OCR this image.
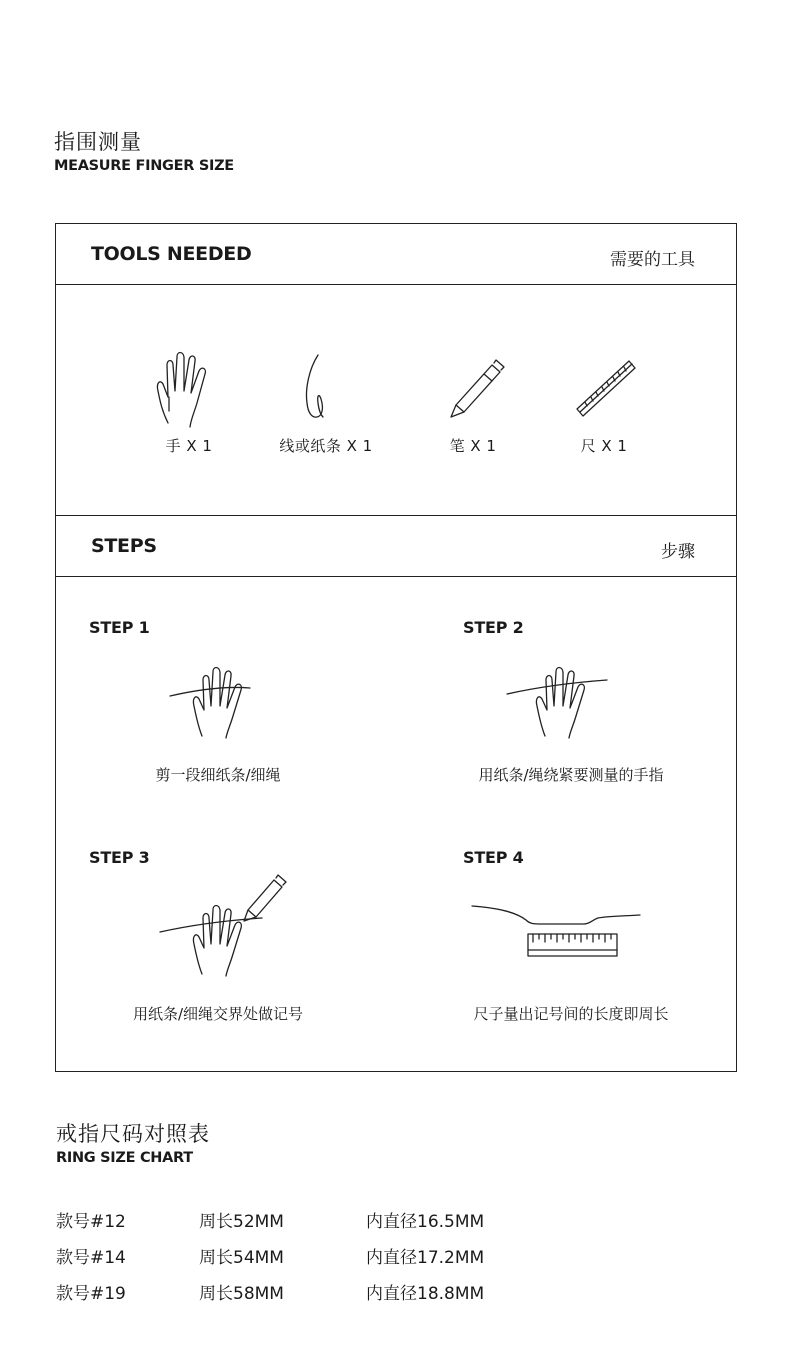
指围测量
MEASURE FINGER SIZE
TOOLS NEEDED	需要的工具
手 X 1	线或纸条 X 1	笔 X 1	尺 X 1
STEPS	步骤
STEP 1
剪一段细纸条/细绳
STEP 2
用纸条/绳绕紧要测量的手指
STEP 3
用纸条/细绳交界处做记号
STEP 4
尺子量出记号间的长度即周长
戒指尺码对照表
RING SIZE CHART
款号#12	周长52MM	内直径16.5MM
款号#14	周长54MM	内直径17.2MM
款号#19	周长58MM	内直径18.8MM
